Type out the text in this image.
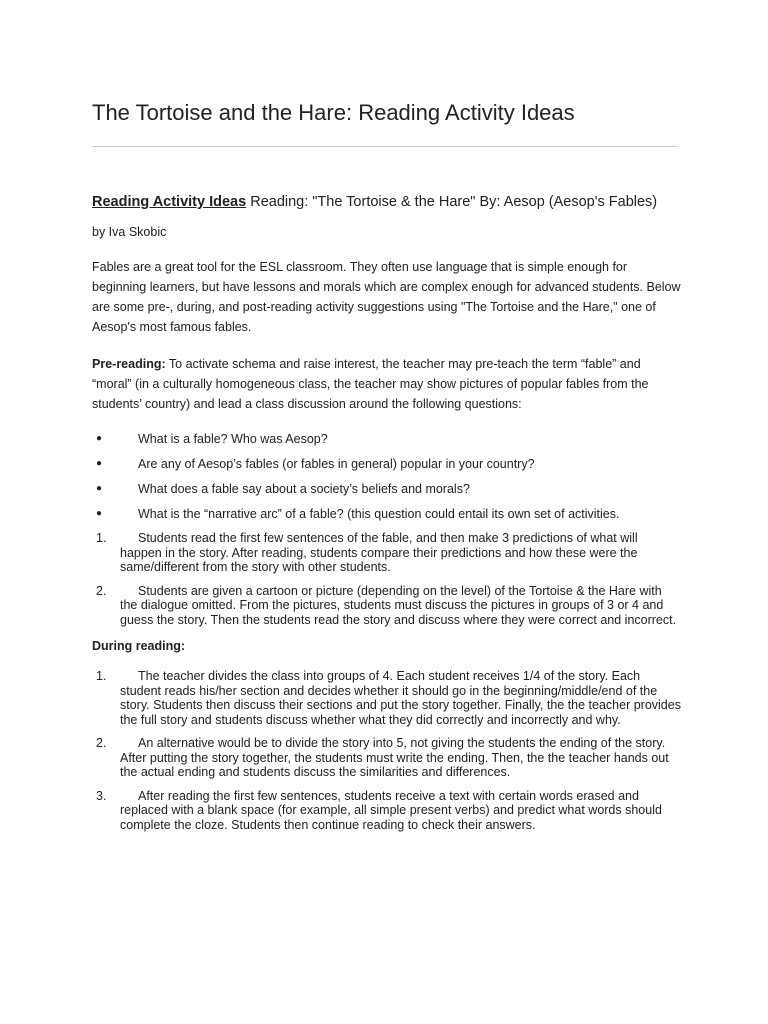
The Tortoise and the Hare: Reading Activity Ideas

Reading Activity Ideas Reading: "The Tortoise & the Hare" By: Aesop (Aesop's Fables)

by Iva Skobic

Fables are a great tool for the ESL classroom. They often use language that is simple enough for beginning learners, but have lessons and morals which are complex enough for advanced students. Below are some pre-, during, and post-reading activity suggestions using "The Tortoise and the Hare," one of Aesop's most famous fables.

Pre-reading: To activate schema and raise interest, the teacher may pre-teach the term “fable” and “moral” (in a culturally homogeneous class, the teacher may show pictures of popular fables from the students’ country) and lead a class discussion around the following questions:

●	What is a fable? Who was Aesop?
●	Are any of Aesop’s fables (or fables in general) popular in your country?
●	What does a fable say about a society’s beliefs and morals?
●	What is the “narrative arc” of a fable? (this question could entail its own set of activities.
1.	Students read the first few sentences of the fable, and then make 3 predictions of what will happen in the story. After reading, students compare their predictions and how these were the same/different from the story with other students.
2.	Students are given a cartoon or picture (depending on the level) of the Tortoise & the Hare with the dialogue omitted. From the pictures, students must discuss the pictures in groups of 3 or 4 and guess the story. Then the students read the story and discuss where they were correct and incorrect.

During reading:

1.	The teacher divides the class into groups of 4. Each student receives 1/4 of the story. Each student reads his/her section and decides whether it should go in the beginning/middle/end of the story. Students then discuss their sections and put the story together. Finally, the the teacher provides the full story and students discuss whether what they did correctly and incorrectly and why.
2.	An alternative would be to divide the story into 5, not giving the students the ending of the story. After putting the story together, the students must write the ending. Then, the the teacher hands out the actual ending and students discuss the similarities and differences.
3.	After reading the first few sentences, students receive a text with certain words erased and replaced with a blank space (for example, all simple present verbs) and predict what words should complete the cloze. Students then continue reading to check their answers.
